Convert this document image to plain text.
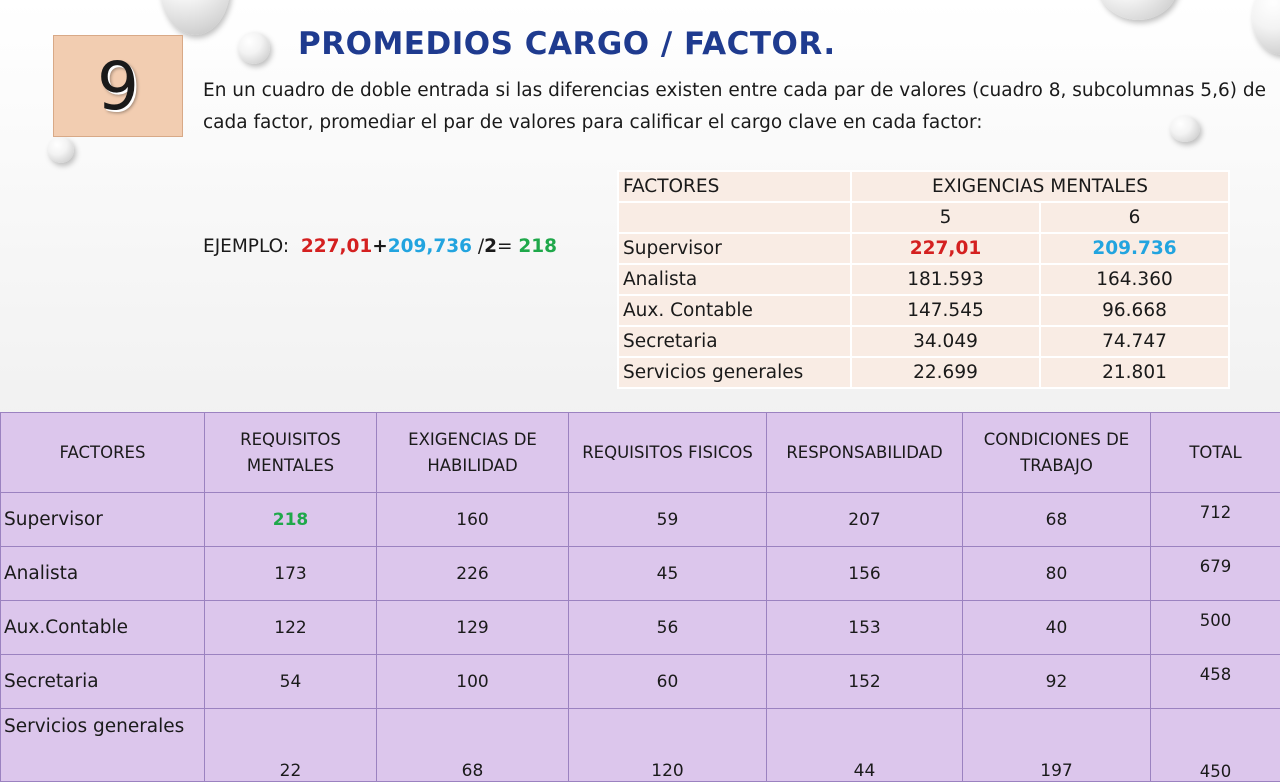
9
PROMEDIOS CARGO / FACTOR.
En un cuadro de doble entrada si las diferencias existen entre cada par de valores (cuadro 8, subcolumnas 5,6) de cada factor, promediar el par de valores para calificar el cargo clave en cada factor:
EJEMPLO: 227,01+209,736 /2= 218
FACTORES	EXIGENCIAS MENTALES	
	5	6
Supervisor	227,01	209.736
Analista	181.593	164.360
Aux. Contable	147.545	96.668
Secretaria	34.049	74.747
Servicios generales	22.699	21.801
FACTORES	REQUISITOS MENTALES	EXIGENCIAS DE HABILIDAD	REQUISITOS FISICOS	RESPONSABILIDAD	CONDICIONES DE TRABAJO	TOTAL
Supervisor	218	160	59	207	68	712
Analista	173	226	45	156	80	679
Aux.Contable	122	129	56	153	40	500
Secretaria	54	100	60	152	92	458
Servicios generales	22	68	120	44	197	450
